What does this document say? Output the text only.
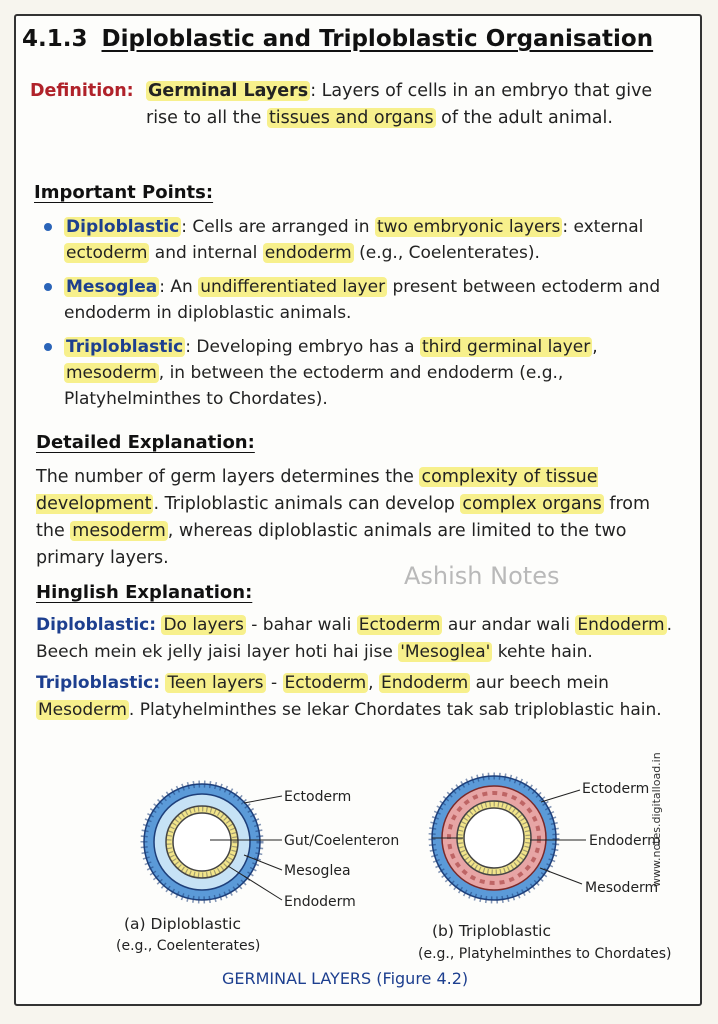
4.1.3 Diploblastic and Triploblastic Organisation
Definition: Germinal Layers : Layers of cells in an embryo that give rise to all the tissues and organs of the adult animal.
Important Points:
Diploblastic : Cells are arranged in two embryonic layers : external ectoderm and internal endoderm (e.g., Coelenterates).
Mesoglea : An undifferentiated layer present between ectoderm and endoderm in diploblastic animals.
Triploblastic : Developing embryo has a third germinal layer , mesoderm , in between the ectoderm and endoderm (e.g., Platyhelminthes to Chordates).
Detailed Explanation:
The number of germ layers determines the complexity of tissue development . Triploblastic animals can develop complex organs from the mesoderm , whereas diploblastic animals are limited to the two primary layers.
Ashish Notes
Hinglish Explanation:

Diploblastic: Do layers - bahar wali Ectoderm aur andar wali Endoderm . Beech mein ek jelly jaisi layer hoti hai jise 'Mesoglea' kehte hain.

Triploblastic: Teen layers - Ectoderm , Endoderm aur beech mein Mesoderm . Platyhelminthes se lekar Chordates tak sab triploblastic hain.

www.notes.digitalload.in
Ectoderm
Gut/Coelenteron
Mesoglea
Endoderm
(a) Diploblastic
(e.g., Coelenterates)
Ectoderm
Endoderm
Mesoderm
(b) Triploblastic
(e.g., Platyhelminthes to Chordates)
GERMINAL LAYERS (Figure 4.2)
